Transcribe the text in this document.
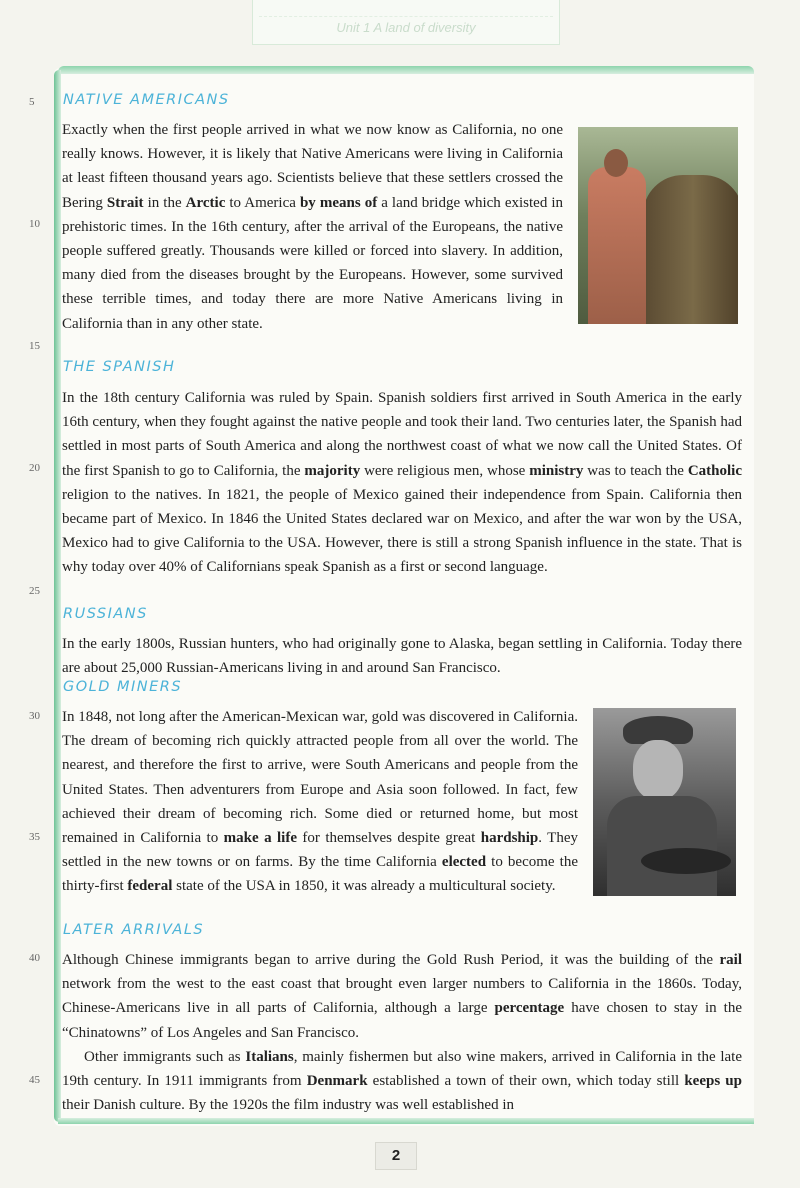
Unit 1 A land of diversity
5
10
15
20
25
30
35
40
45
NATIVE AMERICANS

Exactly when the first people arrived in what we now know as California, no one really knows. However, it is likely that Native Americans were living in California at least fifteen thousand years ago. Scientists believe that these settlers crossed the Bering Strait in the Arctic to America by means of a land bridge which existed in prehistoric times. In the 16th century, after the arrival of the Europeans, the native people suffered greatly. Thousands were killed or forced into slavery. In addition, many died from the diseases brought by the Europeans. However, some survived these terrible times, and today there are more Native Americans living in California than in any other state.

THE SPANISH

In the 18th century California was ruled by Spain. Spanish soldiers first arrived in South America in the early 16th century, when they fought against the native people and took their land. Two centuries later, the Spanish had settled in most parts of South America and along the northwest coast of what we now call the United States. Of the first Spanish to go to California, the majority were religious men, whose ministry was to teach the Catholic religion to the natives. In 1821, the people of Mexico gained their independence from Spain. California then became part of Mexico. In 1846 the United States declared war on Mexico, and after the war won by the USA, Mexico had to give California to the USA. However, there is still a strong Spanish influence in the state. That is why today over 40% of Californians speak Spanish as a first or second language.

RUSSIANS

In the early 1800s, Russian hunters, who had originally gone to Alaska, began settling in California. Today there are about 25,000 Russian-Americans living in and around San Francisco.

GOLD MINERS

In 1848, not long after the American-Mexican war, gold was discovered in California. The dream of becoming rich quickly attracted people from all over the world. The nearest, and therefore the first to arrive, were South Americans and people from the United States. Then adventurers from Europe and Asia soon followed. In fact, few achieved their dream of becoming rich. Some died or returned home, but most remained in California to make a life for themselves despite great hardship. They settled in the new towns or on farms. By the time California elected to become the thirty-first federal state of the USA in 1850, it was already a multicultural society.

LATER ARRIVALS

Although Chinese immigrants began to arrive during the Gold Rush Period, it was the building of the rail network from the west to the east coast that brought even larger numbers to California in the 1860s. Today, Chinese-Americans live in all parts of California, although a large percentage have chosen to stay in the “Chinatowns” of Los Angeles and San Francisco.

Other immigrants such as Italians, mainly fishermen but also wine makers, arrived in California in the late 19th century. In 1911 immigrants from Denmark established a town of their own, which today still keeps up their Danish culture. By the 1920s the film industry was well established in

2
